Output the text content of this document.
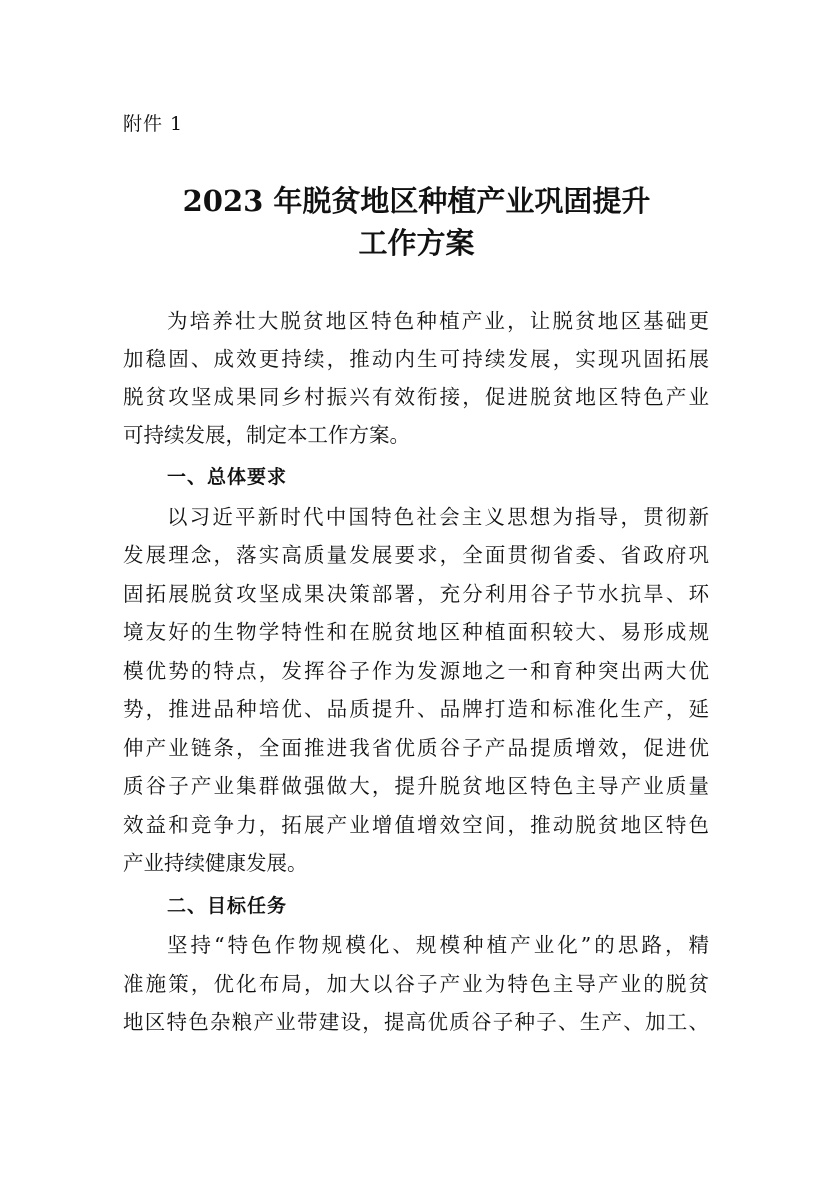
附件 1
2023 年脱贫地区种植产业巩固提升
工作方案
为培养壮大脱贫地区特色种植产业，让脱贫地区基础更
加稳固、成效更持续，推动内生可持续发展，实现巩固拓展
脱贫攻坚成果同乡村振兴有效衔接，促进脱贫地区特色产业
可持续发展，制定本工作方案。
一、总体要求
以习近平新时代中国特色社会主义思想为指导，贯彻新
发展理念，落实高质量发展要求，全面贯彻省委、省政府巩
固拓展脱贫攻坚成果决策部署，充分利用谷子节水抗旱、环
境友好的生物学特性和在脱贫地区种植面积较大、易形成规
模优势的特点，发挥谷子作为发源地之一和育种突出两大优
势，推进品种培优、品质提升、品牌打造和标准化生产，延
伸产业链条，全面推进我省优质谷子产品提质增效，促进优
质谷子产业集群做强做大，提升脱贫地区特色主导产业质量
效益和竞争力，拓展产业增值增效空间，推动脱贫地区特色
产业持续健康发展。
二、目标任务
坚持“特色作物规模化、规模种植产业化”的思路，精
准施策，优化布局，加大以谷子产业为特色主导产业的脱贫
地区特色杂粮产业带建设，提高优质谷子种子、生产、加工、
